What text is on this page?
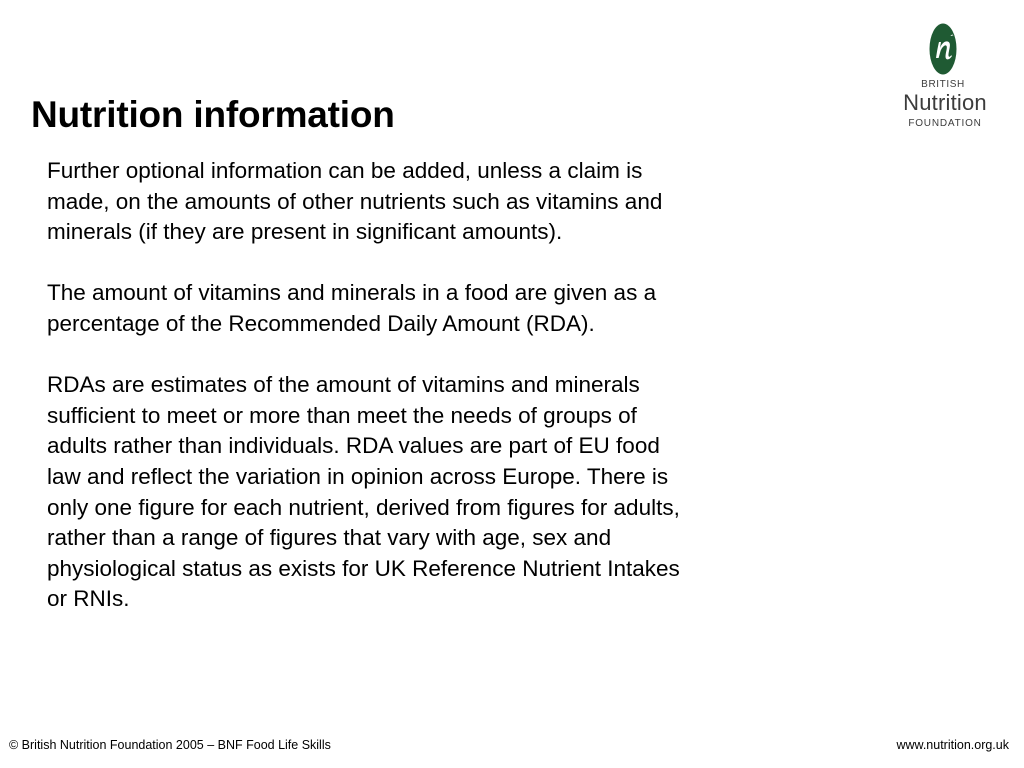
Nutrition information

Further optional information can be added, unless a claim is made, on the amounts of other nutrients such as vitamins and minerals (if they are present in significant amounts).

The amount of vitamins and minerals in a food are given as a percentage of the Recommended Daily Amount (RDA).

RDAs are estimates of the amount of vitamins and minerals sufficient to meet or more than meet the needs of groups of adults rather than individuals. RDA values are part of EU food law and reflect the variation in opinion across Europe. There is only one figure for each nutrient, derived from figures for adults, rather than a range of figures that vary with age, sex and physiological status as exists for UK Reference Nutrient Intakes or RNIs.

BRITISH
Nutrition
FOUNDATION
© British Nutrition Foundation 2005 – BNF Food Life Skills	www.nutrition.org.uk
